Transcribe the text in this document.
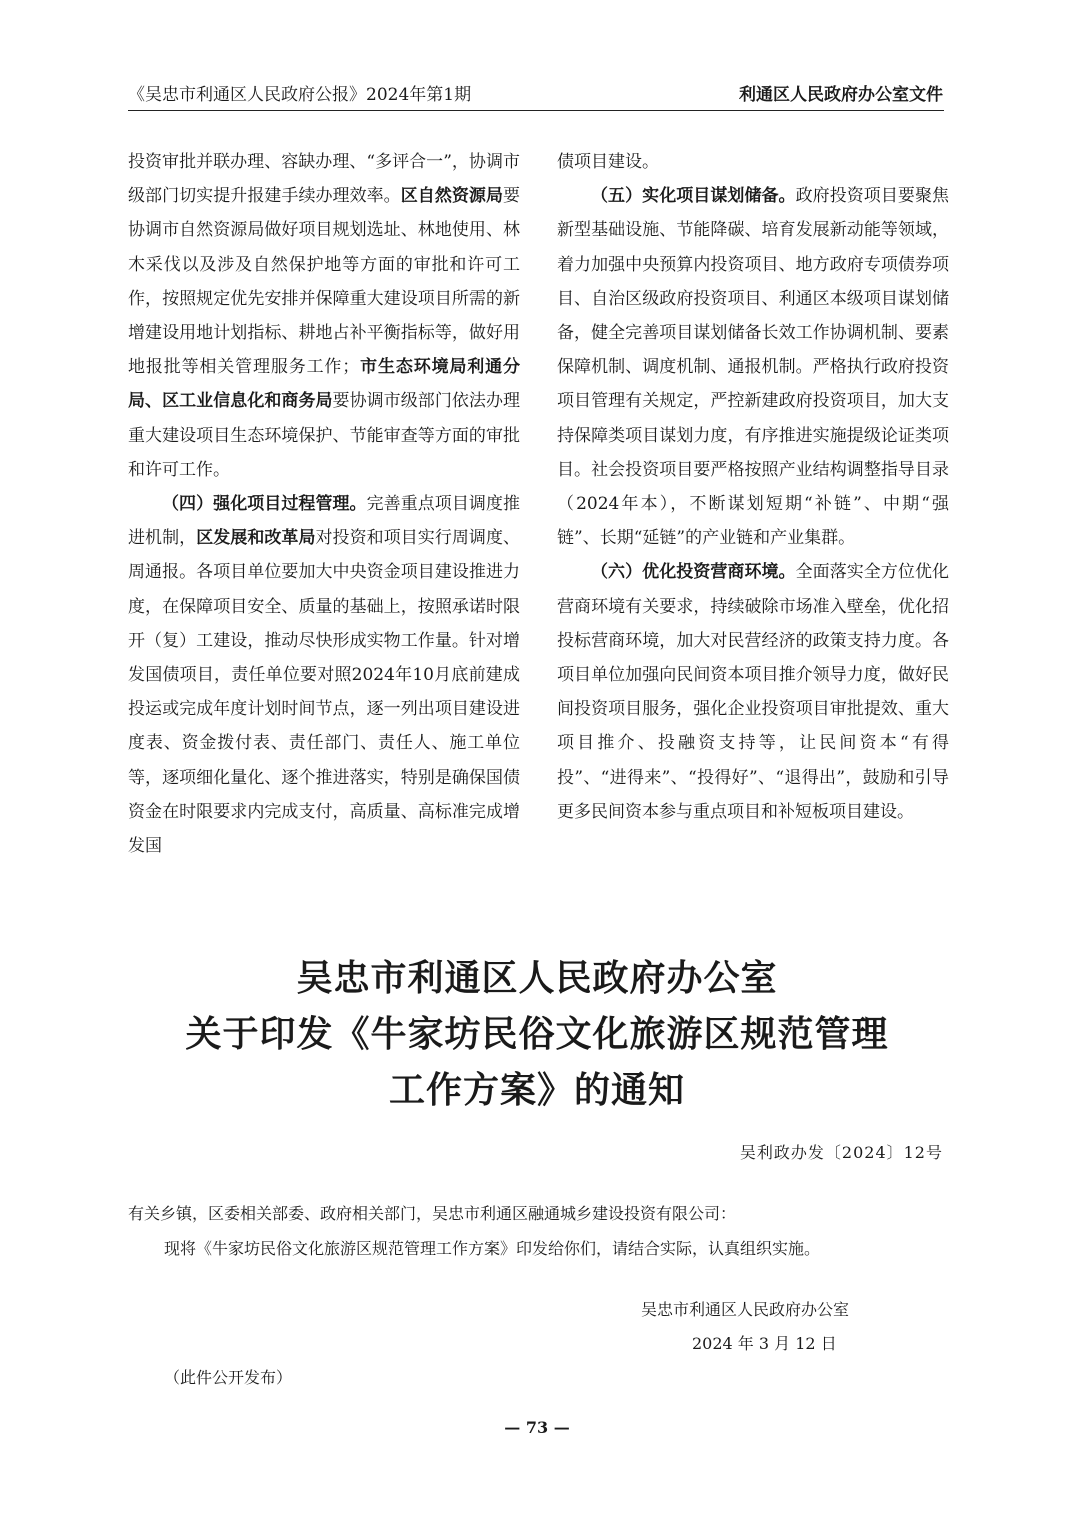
《吴忠市利通区人民政府公报》2024年第1期	利通区人民政府办公室文件

投资审批并联办理、容缺办理、“多评合一”，协调市级部门切实提升报建手续办理效率。区自然资源局要协调市自然资源局做好项目规划选址、林地使用、林木采伐以及涉及自然保护地等方面的审批和许可工作，按照规定优先安排并保障重大建设项目所需的新增建设用地计划指标、耕地占补平衡指标等，做好用地报批等相关管理服务工作；市生态环境局利通分局、区工业信息化和商务局要协调市级部门依法办理重大建设项目生态环境保护、节能审查等方面的审批和许可工作。

（四）强化项目过程管理。完善重点项目调度推进机制，区发展和改革局对投资和项目实行周调度、周通报。各项目单位要加大中央资金项目建设推进力度，在保障项目安全、质量的基础上，按照承诺时限开（复）工建设，推动尽快形成实物工作量。针对增发国债项目，责任单位要对照2024年10月底前建成投运或完成年度计划时间节点，逐一列出项目建设进度表、资金拨付表、责任部门、责任人、施工单位等，逐项细化量化、逐个推进落实，特别是确保国债资金在时限要求内完成支付，高质量、高标准完成增发国

债项目建设。

（五）实化项目谋划储备。政府投资项目要聚焦新型基础设施、节能降碳、培育发展新动能等领域，着力加强中央预算内投资项目、地方政府专项债券项目、自治区级政府投资项目、利通区本级项目谋划储备，健全完善项目谋划储备长效工作协调机制、要素保障机制、调度机制、通报机制。严格执行政府投资项目管理有关规定，严控新建政府投资项目，加大支持保障类项目谋划力度，有序推进实施提级论证类项目。社会投资项目要严格按照产业结构调整指导目录（2024年本），不断谋划短期“补链”、中期“强链”、长期“延链”的产业链和产业集群。

（六）优化投资营商环境。全面落实全方位优化营商环境有关要求，持续破除市场准入壁垒，优化招投标营商环境，加大对民营经济的政策支持力度。各项目单位加强向民间资本项目推介领导力度，做好民间投资项目服务，强化企业投资项目审批提效、重大项目推介、投融资支持等，让民间资本“有得投”、“进得来”、“投得好”、“退得出”，鼓励和引导更多民间资本参与重点项目和补短板项目建设。

吴忠市利通区人民政府办公室
关于印发《牛家坊民俗文化旅游区规范管理
工作方案》的通知
吴利政办发〔2024〕12号
有关乡镇，区委相关部委、政府相关部门，吴忠市利通区融通城乡建设投资有限公司：
现将《牛家坊民俗文化旅游区规范管理工作方案》印发给你们，请结合实际，认真组织实施。
吴忠市利通区人民政府办公室
2024 年 3 月 12 日
（此件公开发布）
— 73 —
